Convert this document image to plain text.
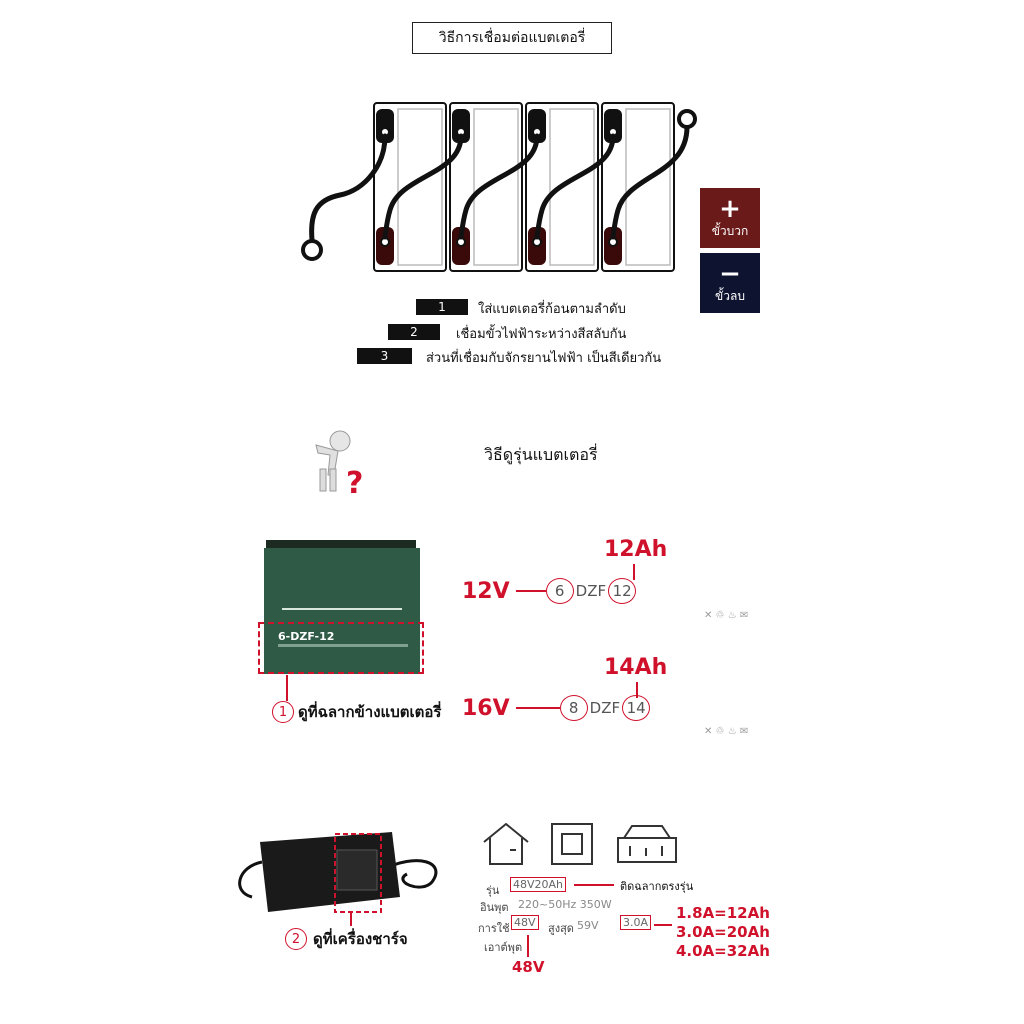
วิธีการเชื่อมต่อแบตเตอรี่
+
ขั้วบวก
−
ขั้วลบ
1	ใส่แบตเตอรี่ก้อนตามลำดับ
2	เชื่อมขั้วไฟฟ้าระหว่างสีสลับกัน
3	ส่วนที่เชื่อมกับจักรยานไฟฟ้า เป็นสีเดียวกัน
?
วิธีดูรุ่นแบตเตอรี่
6-DZF-12
12Ah
12V	6 DZF 12
✕ ♲ ♨ ✉
14Ah
16V	8 DZF 14
✕ ♲ ♨ ✉
1 ดูที่ฉลากข้างแบตเตอรี่
2 ดูที่เครื่องชาร์จ
รุ่น 48V20Ah	ติดฉลากตรงรุ่น
อินพุต 220~50Hz 350W
การใช้ 48V สูงสุด 59V 3.0A
เอาต์พุต
48V
1.8A=12Ah
3.0A=20Ah
4.0A=32Ah
